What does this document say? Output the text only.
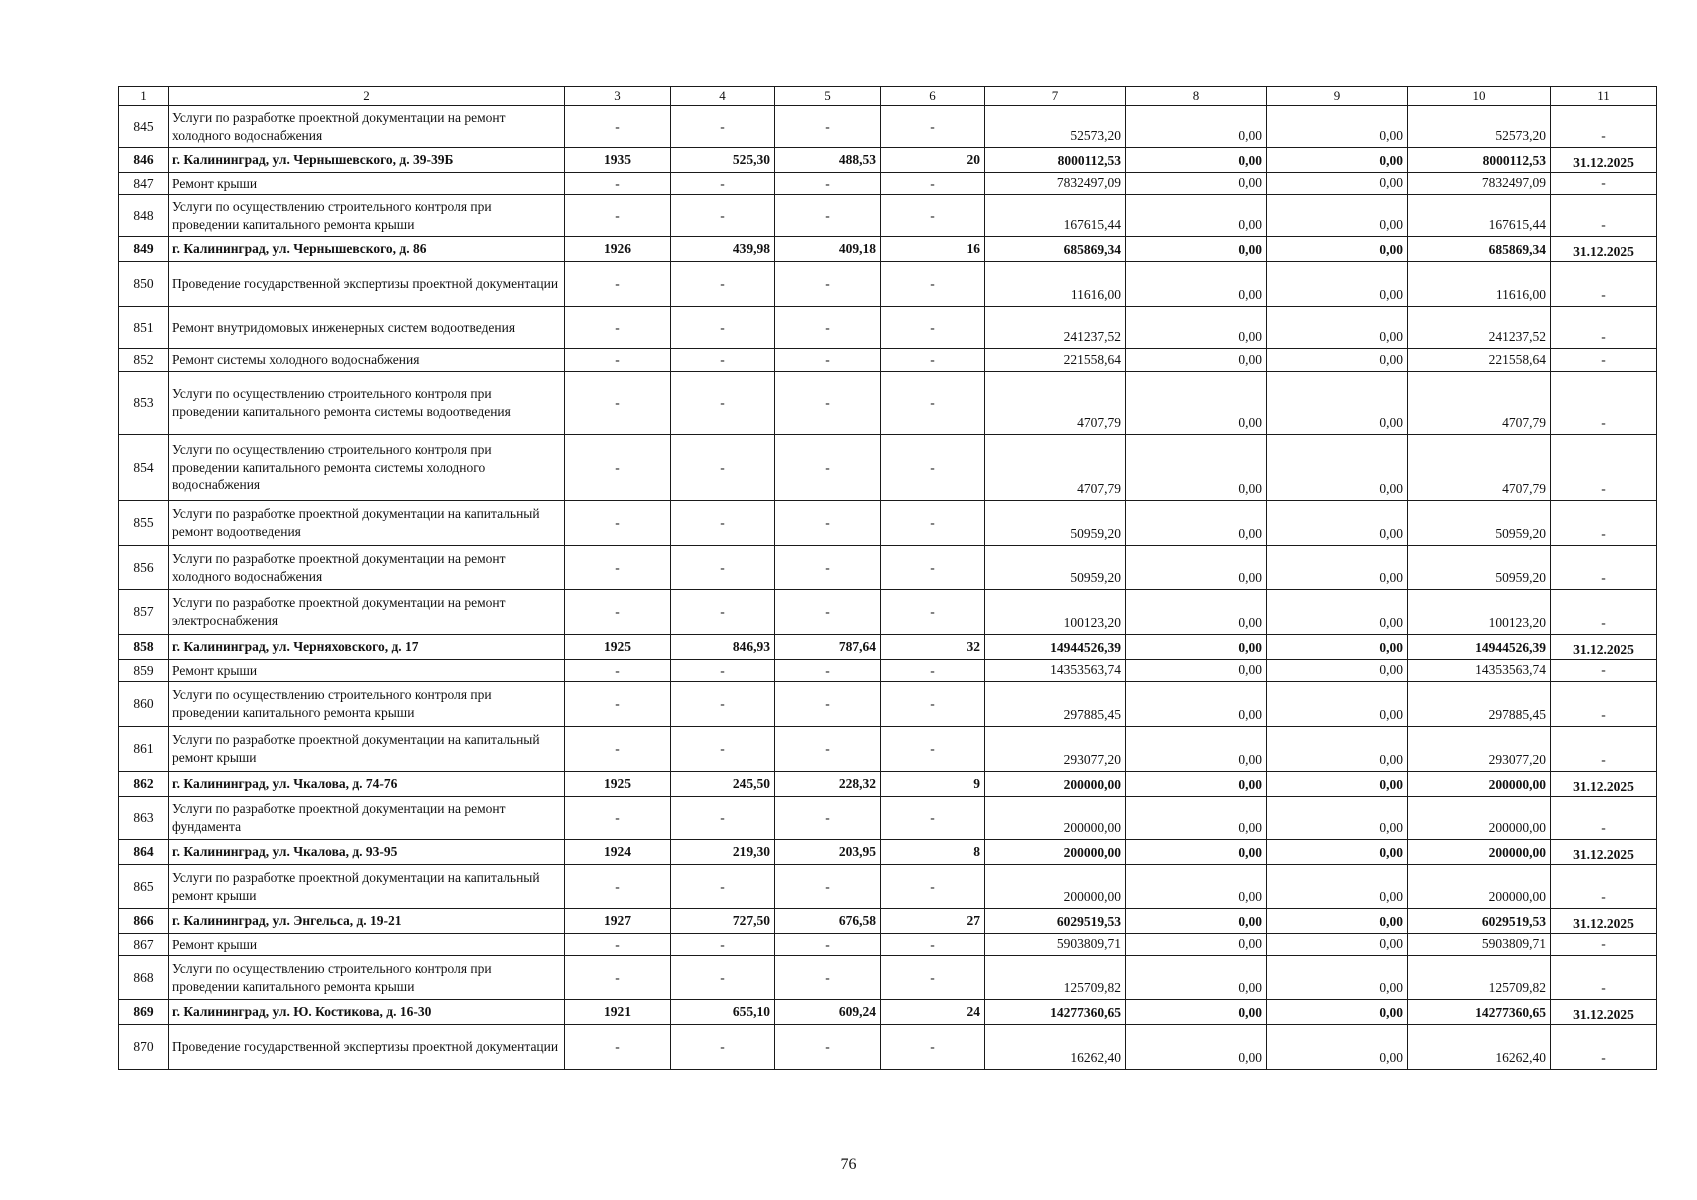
1	2	3	4	5	6	7	8	9	10	11
845	Услуги по разработке проектной документации на ремонт холодного водоснабжения	-	-	-	-	52573,20	0,00	0,00	52573,20	-
846	г. Калининград, ул. Чернышевского, д. 39-39Б	1935	525,30	488,53	20	8000112,53	0,00	0,00	8000112,53	31.12.2025
847	Ремонт крыши	-	-	-	-	7832497,09	0,00	0,00	7832497,09	-
848	Услуги по осуществлению строительного контроля при проведении капитального ремонта крыши	-	-	-	-	167615,44	0,00	0,00	167615,44	-
849	г. Калининград, ул. Чернышевского, д. 86	1926	439,98	409,18	16	685869,34	0,00	0,00	685869,34	31.12.2025
850	Проведение государственной экспертизы проектной документации	-	-	-	-	11616,00	0,00	0,00	11616,00	-
851	Ремонт внутридомовых инженерных систем водоотведения	-	-	-	-	241237,52	0,00	0,00	241237,52	-
852	Ремонт системы холодного водоснабжения	-	-	-	-	221558,64	0,00	0,00	221558,64	-
853	Услуги по осуществлению строительного контроля при проведении капитального ремонта системы водоотведения	-	-	-	-	4707,79	0,00	0,00	4707,79	-
854	Услуги по осуществлению строительного контроля при проведении капитального ремонта системы холодного водоснабжения	-	-	-	-	4707,79	0,00	0,00	4707,79	-
855	Услуги по разработке проектной документации на капитальный ремонт водоотведения	-	-	-	-	50959,20	0,00	0,00	50959,20	-
856	Услуги по разработке проектной документации на ремонт холодного водоснабжения	-	-	-	-	50959,20	0,00	0,00	50959,20	-
857	Услуги по разработке проектной документации на ремонт электроснабжения	-	-	-	-	100123,20	0,00	0,00	100123,20	-
858	г. Калининград, ул. Черняховского, д. 17	1925	846,93	787,64	32	14944526,39	0,00	0,00	14944526,39	31.12.2025
859	Ремонт крыши	-	-	-	-	14353563,74	0,00	0,00	14353563,74	-
860	Услуги по осуществлению строительного контроля при проведении капитального ремонта крыши	-	-	-	-	297885,45	0,00	0,00	297885,45	-
861	Услуги по разработке проектной документации на капитальный ремонт крыши	-	-	-	-	293077,20	0,00	0,00	293077,20	-
862	г. Калининград, ул. Чкалова, д. 74-76	1925	245,50	228,32	9	200000,00	0,00	0,00	200000,00	31.12.2025
863	Услуги по разработке проектной документации на ремонт фундамента	-	-	-	-	200000,00	0,00	0,00	200000,00	-
864	г. Калининград, ул. Чкалова, д. 93-95	1924	219,30	203,95	8	200000,00	0,00	0,00	200000,00	31.12.2025
865	Услуги по разработке проектной документации на капитальный ремонт крыши	-	-	-	-	200000,00	0,00	0,00	200000,00	-
866	г. Калининград, ул. Энгельса, д. 19-21	1927	727,50	676,58	27	6029519,53	0,00	0,00	6029519,53	31.12.2025
867	Ремонт крыши	-	-	-	-	5903809,71	0,00	0,00	5903809,71	-
868	Услуги по осуществлению строительного контроля при проведении капитального ремонта крыши	-	-	-	-	125709,82	0,00	0,00	125709,82	-
869	г. Калининград, ул. Ю. Костикова, д. 16-30	1921	655,10	609,24	24	14277360,65	0,00	0,00	14277360,65	31.12.2025
870	Проведение государственной экспертизы проектной документации	-	-	-	-	16262,40	0,00	0,00	16262,40	-
76
